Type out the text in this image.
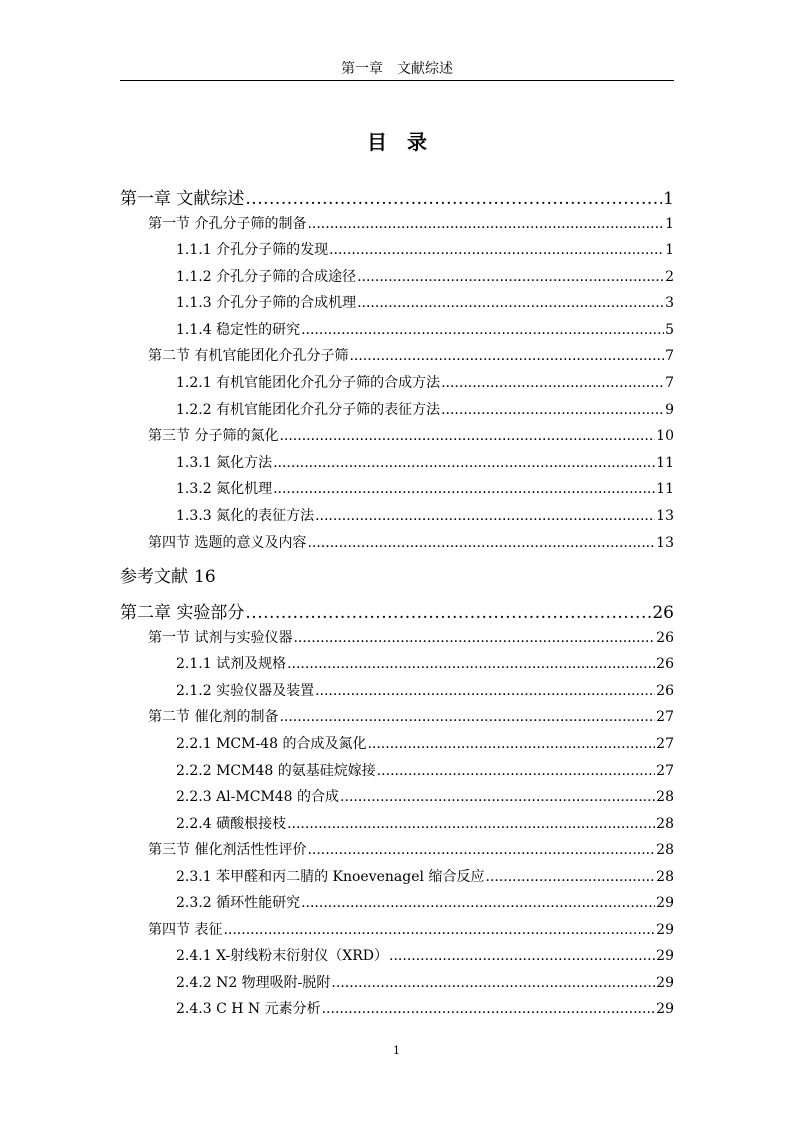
第一章　文献综述
目 录
第一章 文献综述 .....	1
第一节 介孔分子筛的制备 .....	1
1.1.1 介孔分子筛的发现 .....	1
1.1.2 介孔分子筛的合成途径 .....	2
1.1.3 介孔分子筛的合成机理 .....	3
1.1.4 稳定性的研究 .....	5
第二节 有机官能团化介孔分子筛 .....	7
1.2.1 有机官能团化介孔分子筛的合成方法 .....	7
1.2.2 有机官能团化介孔分子筛的表征方法 .....	9
第三节 分子筛的氮化 .....	10
1.3.1 氮化方法 .....	11
1.3.2 氮化机理 .....	11
1.3.3 氮化的表征方法 .....	13
第四节 选题的意义及内容 .....	13
参考文献 16
第二章 实验部分 .....	26
第一节 试剂与实验仪器 .....	26
2.1.1 试剂及规格 .....	26
2.1.2 实验仪器及装置 .....	26
第二节 催化剂的制备 .....	27
2.2.1 MCM-48 的合成及氮化 .....	27
2.2.2 MCM48 的氨基硅烷嫁接 .....	27
2.2.3 Al-MCM48 的合成 .....	28
2.2.4 磺酸根接枝 .....	28
第三节 催化剂活性性评价 .....	28
2.3.1 苯甲醛和丙二腈的 Knoevenagel 缩合反应 .....	28
2.3.2 循环性能研究 .....	29
第四节 表征 .....	29
2.4.1 X-射线粉末衍射仪（XRD） .....	29
2.4.2 N2 物理吸附-脱附 .....	29
2.4.3 C H N 元素分析 .....	29
1
